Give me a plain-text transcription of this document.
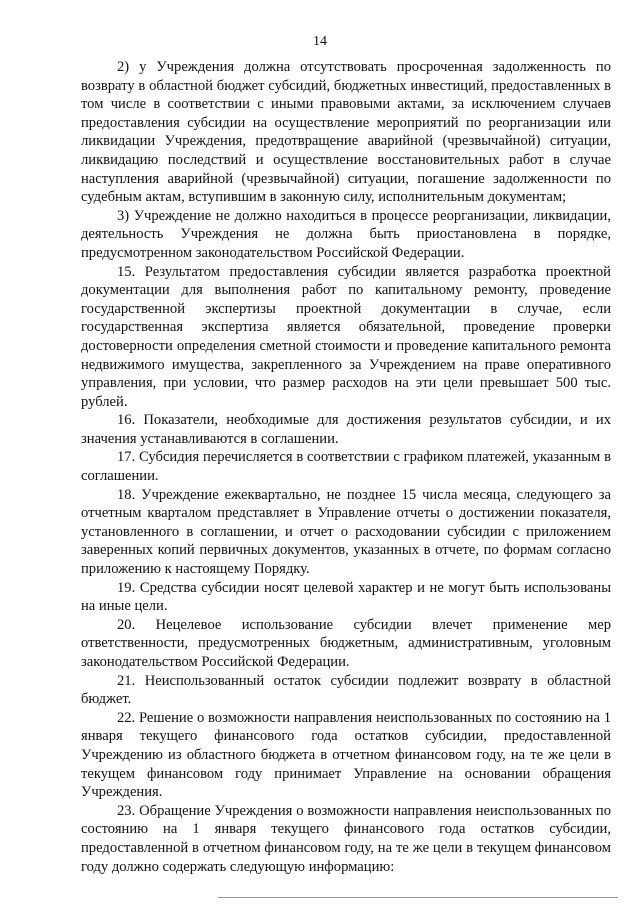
14

2) у Учреждения должна отсутствовать просроченная задолженность по возврату в областной бюджет субсидий, бюджетных инвестиций, предоставленных в том числе в соответствии с иными правовыми актами, за исключением случаев предоставления субсидии на осуществление мероприятий по реорганизации или ликвидации Учреждения, предотвращение аварийной (чрезвычайной) ситуации, ликвидацию последствий и осуществление восстановительных работ в случае наступления аварийной (чрезвычайной) ситуации, погашение задолженности по судебным актам, вступившим в законную силу, исполнительным документам;

3) Учреждение не должно находиться в процессе реорганизации, ликвидации, деятельность Учреждения не должна быть приостановлена в порядке, предусмотренном законодательством Российской Федерации.

15. Результатом предоставления субсидии является разработка проектной документации для выполнения работ по капитальному ремонту, проведение государственной экспертизы проектной документации в случае, если государственная экспертиза является обязательной, проведение проверки достоверности определения сметной стоимости и проведение капитального ремонта недвижимого имущества, закрепленного за Учреждением на праве оперативного управления, при условии, что размер расходов на эти цели превышает 500 тыс. рублей.

16. Показатели, необходимые для достижения результатов субсидии, и их значения устанавливаются в соглашении.

17. Субсидия перечисляется в соответствии с графиком платежей, указанным в соглашении.

18. Учреждение ежеквартально, не позднее 15 числа месяца, следующего за отчетным кварталом представляет в Управление отчеты о достижении показателя, установленного в соглашении, и отчет о расходовании субсидии с приложением заверенных копий первичных документов, указанных в отчете, по формам согласно приложению к настоящему Порядку.

19. Средства субсидии носят целевой характер и не могут быть использованы на иные цели.

20. Нецелевое использование субсидии влечет применение мер ответственности, предусмотренных бюджетным, административным, уголовным законодательством Российской Федерации.

21. Неиспользованный остаток субсидии подлежит возврату в областной бюджет.

22. Решение о возможности направления неиспользованных по состоянию на 1 января текущего финансового года остатков субсидии, предоставленной Учреждению из областного бюджета в отчетном финансовом году, на те же цели в текущем финансовом году принимает Управление на основании обращения Учреждения.

23. Обращение Учреждения о возможности направления неиспользованных по состоянию на 1 января текущего финансового года остатков субсидии, предоставленной в отчетном финансовом году, на те же цели в текущем финансовом году должно содержать следующую информацию:
